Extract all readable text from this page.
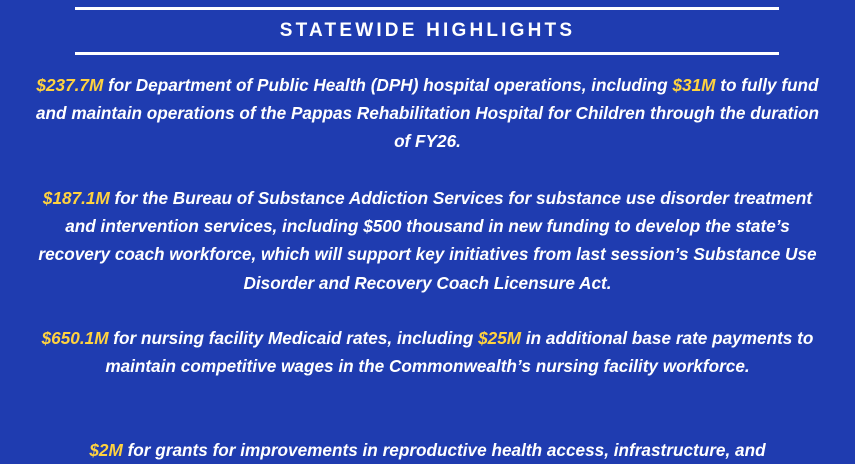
STATEWIDE HIGHLIGHTS

$237.7M for Department of Public Health (DPH) hospital operations, including $31M to fully fund and maintain operations of the Pappas Rehabilitation Hospital for Children through the duration of FY26.

$187.1M for the Bureau of Substance Addiction Services for substance use disorder treatment and intervention services, including $500 thousand in new funding to develop the state’s recovery coach workforce, which will support key initiatives from last session’s Substance Use Disorder and Recovery Coach Licensure Act.

$650.1M for nursing facility Medicaid rates, including $25M in additional base rate payments to maintain competitive wages in the Commonwealth’s nursing facility workforce.

$2M for grants for improvements in reproductive health access, infrastructure, and
